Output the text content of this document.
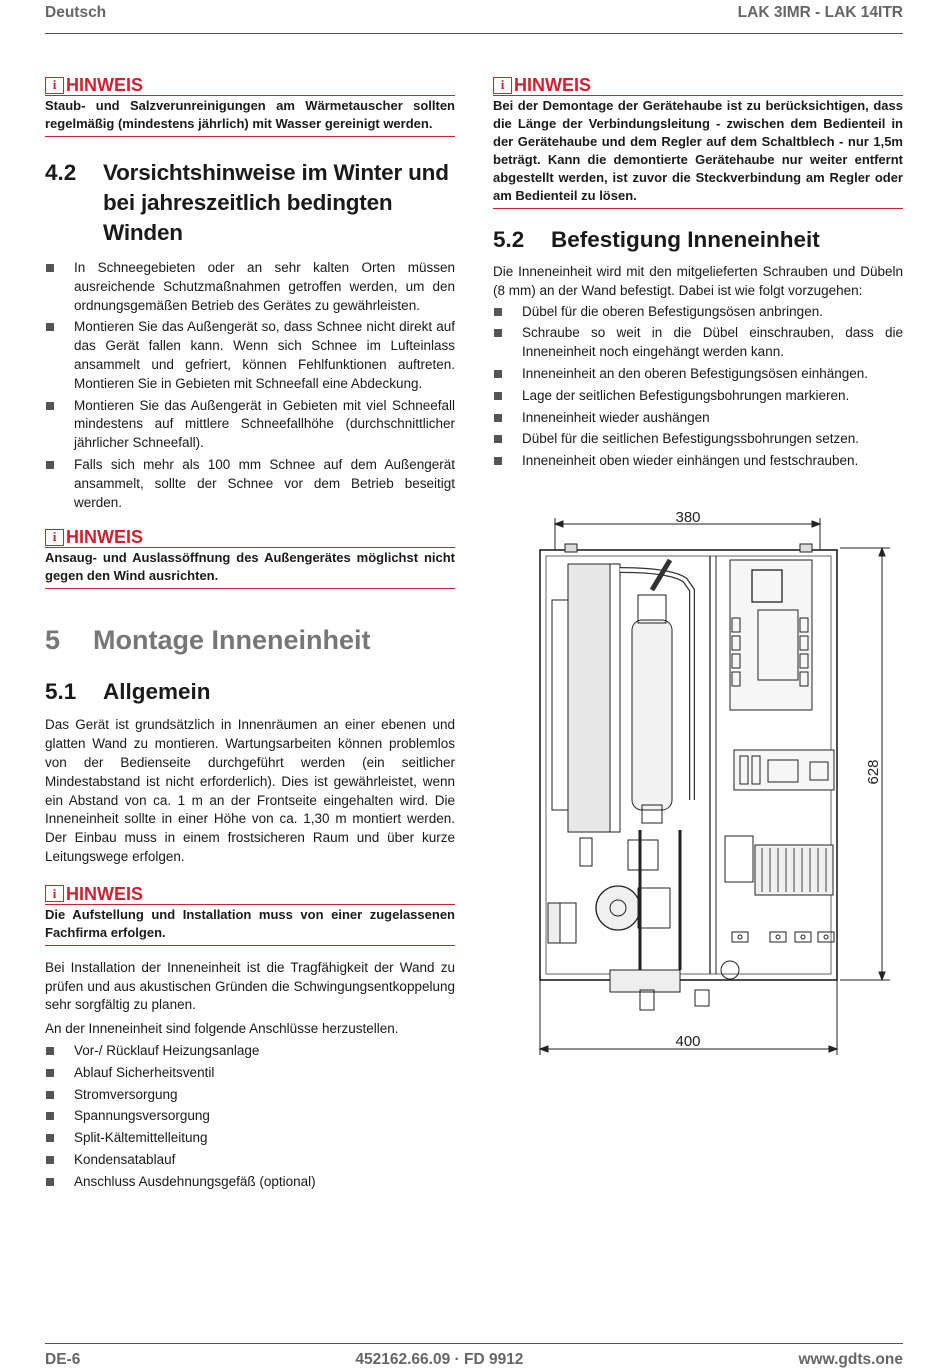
Deutsch	LAK 3IMR - LAK 14ITR
i HINWEIS
Staub- und Salzverunreinigungen am Wärmetauscher sollten regelmäßig (mindestens jährlich) mit Wasser gereinigt werden.
4.2	Vorsichtshinweise im Winter und bei jahreszeitlich bedingten Winden
In Schneegebieten oder an sehr kalten Orten müssen ausreichende Schutzmaßnahmen getroffen werden, um den ordnungsgemäßen Betrieb des Gerätes zu gewährleisten.
Montieren Sie das Außengerät so, dass Schnee nicht direkt auf das Gerät fallen kann. Wenn sich Schnee im Lufteinlass ansammelt und gefriert, können Fehlfunktionen auftreten. Montieren Sie in Gebieten mit Schneefall eine Abdeckung.
Montieren Sie das Außengerät in Gebieten mit viel Schneefall mindestens auf mittlere Schneefallhöhe (durchschnittlicher jährlicher Schneefall).
Falls sich mehr als 100 mm Schnee auf dem Außengerät ansammelt, sollte der Schnee vor dem Betrieb beseitigt werden.
i HINWEIS
Ansaug- und Auslassöffnung des Außengerätes möglichst nicht gegen den Wind ausrichten.
5	Montage Inneneinheit
5.1	Allgemein

Das Gerät ist grundsätzlich in Innenräumen an einer ebenen und glatten Wand zu montieren. Wartungsarbeiten können problemlos von der Bedienseite durchgeführt werden (ein seitlicher Mindestabstand ist nicht erforderlich). Dies ist gewährleistet, wenn ein Abstand von ca. 1 m an der Frontseite eingehalten wird. Die Inneneinheit sollte in einer Höhe von ca. 1,30 m montiert werden. Der Einbau muss in einem frostsicheren Raum und über kurze Leitungswege erfolgen.

i HINWEIS
Die Aufstellung und Installation muss von einer zugelassenen Fachfirma erfolgen.

Bei Installation der Inneneinheit ist die Tragfähigkeit der Wand zu prüfen und aus akustischen Gründen die Schwingungsentkoppelung sehr sorgfältig zu planen.

An der Inneneinheit sind folgende Anschlüsse herzustellen.

Vor-/ Rücklauf Heizungsanlage
Ablauf Sicherheitsventil
Stromversorgung
Spannungsversorgung
Split-Kältemittelleitung
Kondensatablauf
Anschluss Ausdehnungsgefäß (optional)
i HINWEIS
Bei der Demontage der Gerätehaube ist zu berücksichtigen, dass die Länge der Verbindungsleitung - zwischen dem Bedienteil in der Gerätehaube und dem Regler auf dem Schaltblech - nur 1,5m beträgt. Kann die demontierte Gerätehaube nur weiter entfernt abgestellt werden, ist zuvor die Steckverbindung am Regler oder am Bedienteil zu lösen.
5.2	Befestigung Inneneinheit

Die Inneneinheit wird mit den mitgelieferten Schrauben und Dübeln (8 mm) an der Wand befestigt. Dabei ist wie folgt vorzugehen:

Dübel für die oberen Befestigungsösen anbringen.
Schraube so weit in die Dübel einschrauben, dass die Inneneinheit noch eingehängt werden kann.
Inneneinheit an den oberen Befestigungsösen einhängen.
Lage der seitlichen Befestigungsbohrungen markieren.
Inneneinheit wieder aushängen
Dübel für die seitlichen Befestigungssbohrungen setzen.
Inneneinheit oben wieder einhängen und festschrauben.
380
628
400
DE-6	452162.66.09 · FD 9912	www.gdts.one
